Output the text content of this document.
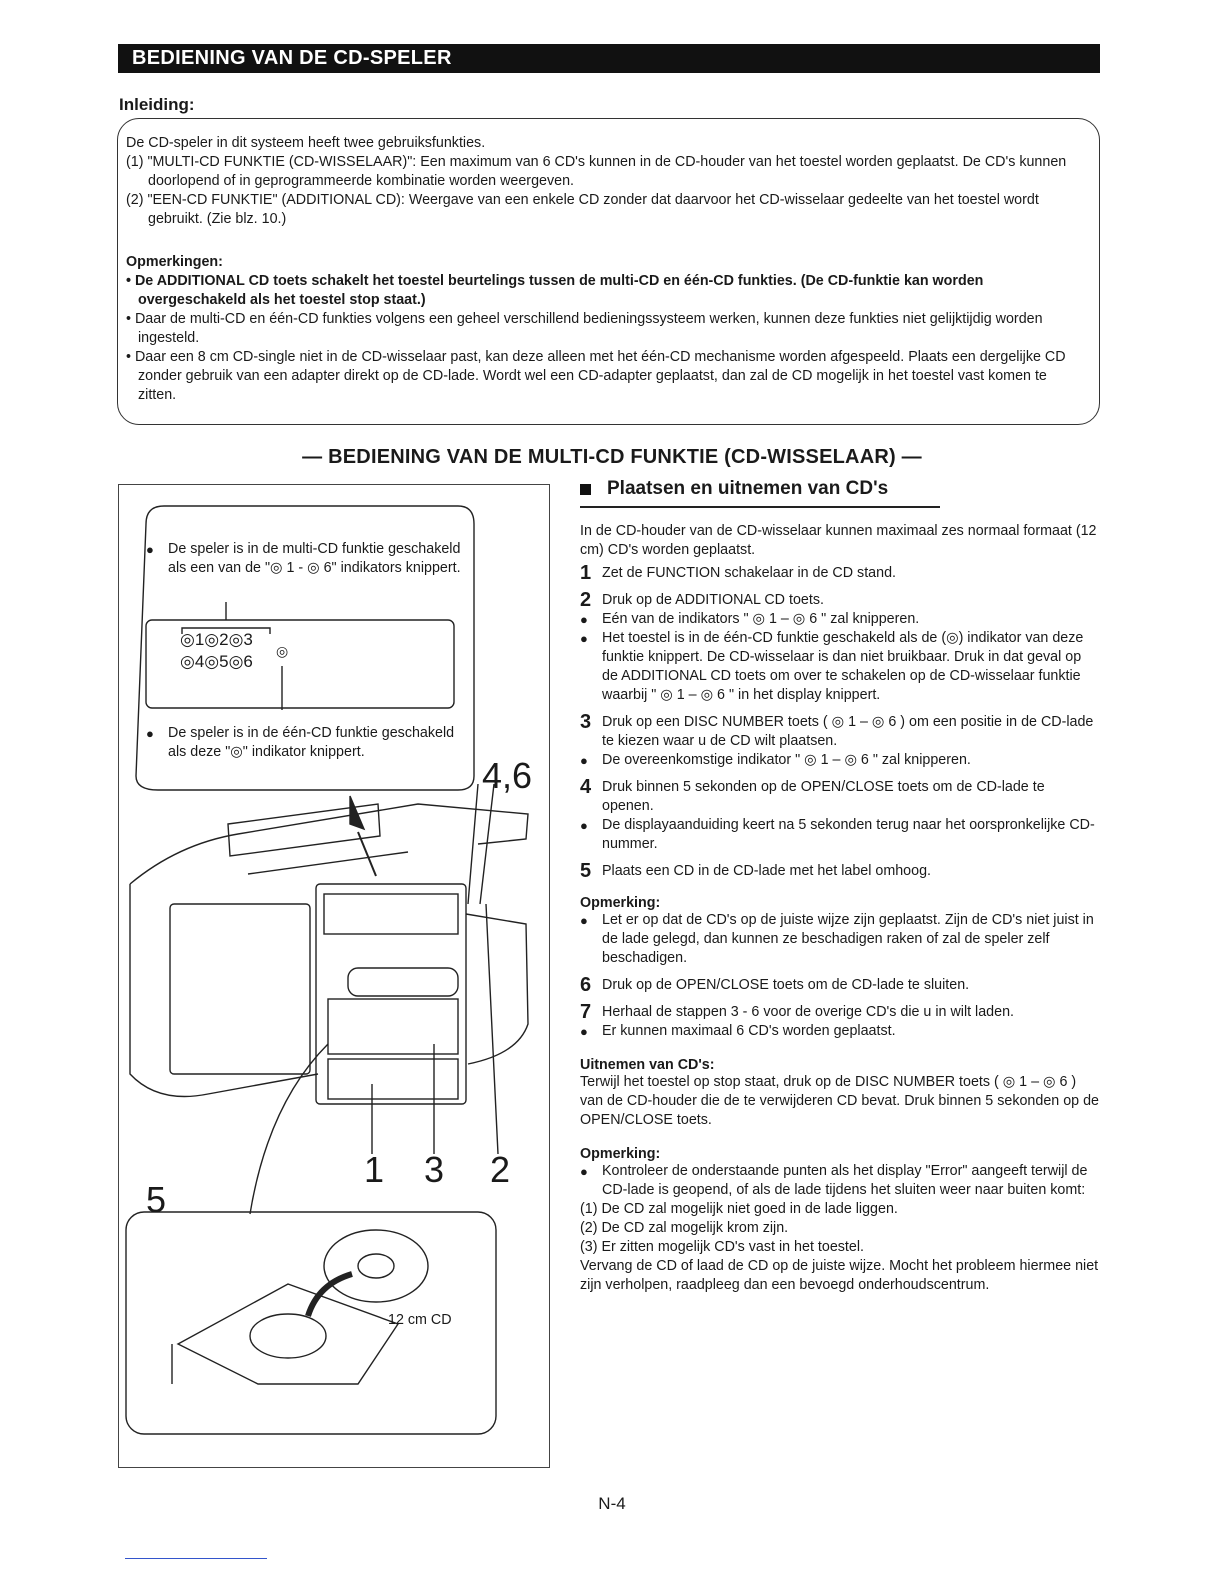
BEDIENING VAN DE CD-SPELER
Inleiding:
De CD-speler in dit systeem heeft twee gebruiksfunkties.
(1) "MULTI-CD FUNKTIE (CD-WISSELAAR)": Een maximum van 6 CD's kunnen in de CD-houder van het toestel worden geplaatst. De CD's kunnen doorlopend of in geprogrammeerde kombinatie worden weergeven.
(2) "EEN-CD FUNKTIE" (ADDITIONAL CD): Weergave van een enkele CD zonder dat daarvoor het CD-wisselaar gedeelte van het toestel wordt gebruikt. (Zie blz. 10.)
Opmerkingen:
• De ADDITIONAL CD toets schakelt het toestel beurtelings tussen de multi-CD en één-CD funkties. (De CD-funktie kan worden overgeschakeld als het toestel stop staat.)
• Daar de multi-CD en één-CD funkties volgens een geheel verschillend bedieningssysteem werken, kunnen deze funkties niet gelijktijdig worden ingesteld.
• Daar een 8 cm CD-single niet in de CD-wisselaar past, kan deze alleen met het één-CD mechanisme worden afgespeeld. Plaats een dergelijke CD zonder gebruik van een adapter direkt op de CD-lade. Wordt wel een CD-adapter geplaatst, dan zal de CD mogelijk in het toestel vast komen te zitten.
— BEDIENING VAN DE MULTI-CD FUNKTIE (CD-WISSELAAR) —
● De speler is in de multi-CD funktie geschakeld als een van de "◎ 1 - ◎ 6" indikators knippert.
◎1◎2◎3
◎4◎5◎6
◎
● De speler is in de één-CD funktie geschakeld als deze "◎" indikator knippert.
4,6
1 3 2
5
12 cm CD
Plaatsen en uitnemen van CD's

In de CD-houder van de CD-wisselaar kunnen maximaal zes normaal formaat (12 cm) CD's worden geplaatst.

1 Zet de FUNCTION schakelaar in de CD stand.
2 Druk op de ADDITIONAL CD toets.
● Eén van de indikators " ◎ 1 – ◎ 6 " zal knipperen.
● Het toestel is in de één-CD funktie geschakeld als de (◎) indikator van deze funktie knippert. De CD-wisselaar is dan niet bruikbaar. Druk in dat geval op de ADDITIONAL CD toets om over te schakelen op de CD-wisselaar funktie waarbij " ◎ 1 – ◎ 6 " in het display knippert.
3 Druk op een DISC NUMBER toets ( ◎ 1 – ◎ 6 ) om een positie in de CD-lade te kiezen waar u de CD wilt plaatsen.
● De overeenkomstige indikator " ◎ 1 – ◎ 6 " zal knipperen.
4 Druk binnen 5 sekonden op de OPEN/CLOSE toets om de CD-lade te openen.
● De displayaanduiding keert na 5 sekonden terug naar het oorspronkelijke CD-nummer.
5 Plaats een CD in de CD-lade met het label omhoog.
Opmerking:
● Let er op dat de CD's op de juiste wijze zijn geplaatst. Zijn de CD's niet juist in de lade gelegd, dan kunnen ze beschadigen raken of zal de speler zelf beschadigen.
6 Druk op de OPEN/CLOSE toets om de CD-lade te sluiten.
7 Herhaal de stappen 3 - 6 voor de overige CD's die u in wilt laden.
● Er kunnen maximaal 6 CD's worden geplaatst.
Uitnemen van CD's:

Terwijl het toestel op stop staat, druk op de DISC NUMBER toets ( ◎ 1 – ◎ 6 ) van de CD-houder die de te verwijderen CD bevat. Druk binnen 5 sekonden op de OPEN/CLOSE toets.

Opmerking:
● Kontroleer de onderstaande punten als het display "Error" aangeeft terwijl de CD-lade is geopend, of als de lade tijdens het sluiten weer naar buiten komt:
(1) De CD zal mogelijk niet goed in de lade liggen.
(2) De CD zal mogelijk krom zijn.
(3) Er zitten mogelijk CD's vast in het toestel.

Vervang de CD of laad de CD op de juiste wijze. Mocht het probleem hiermee niet zijn verholpen, raadpleeg dan een bevoegd onderhoudscentrum.

N-4
